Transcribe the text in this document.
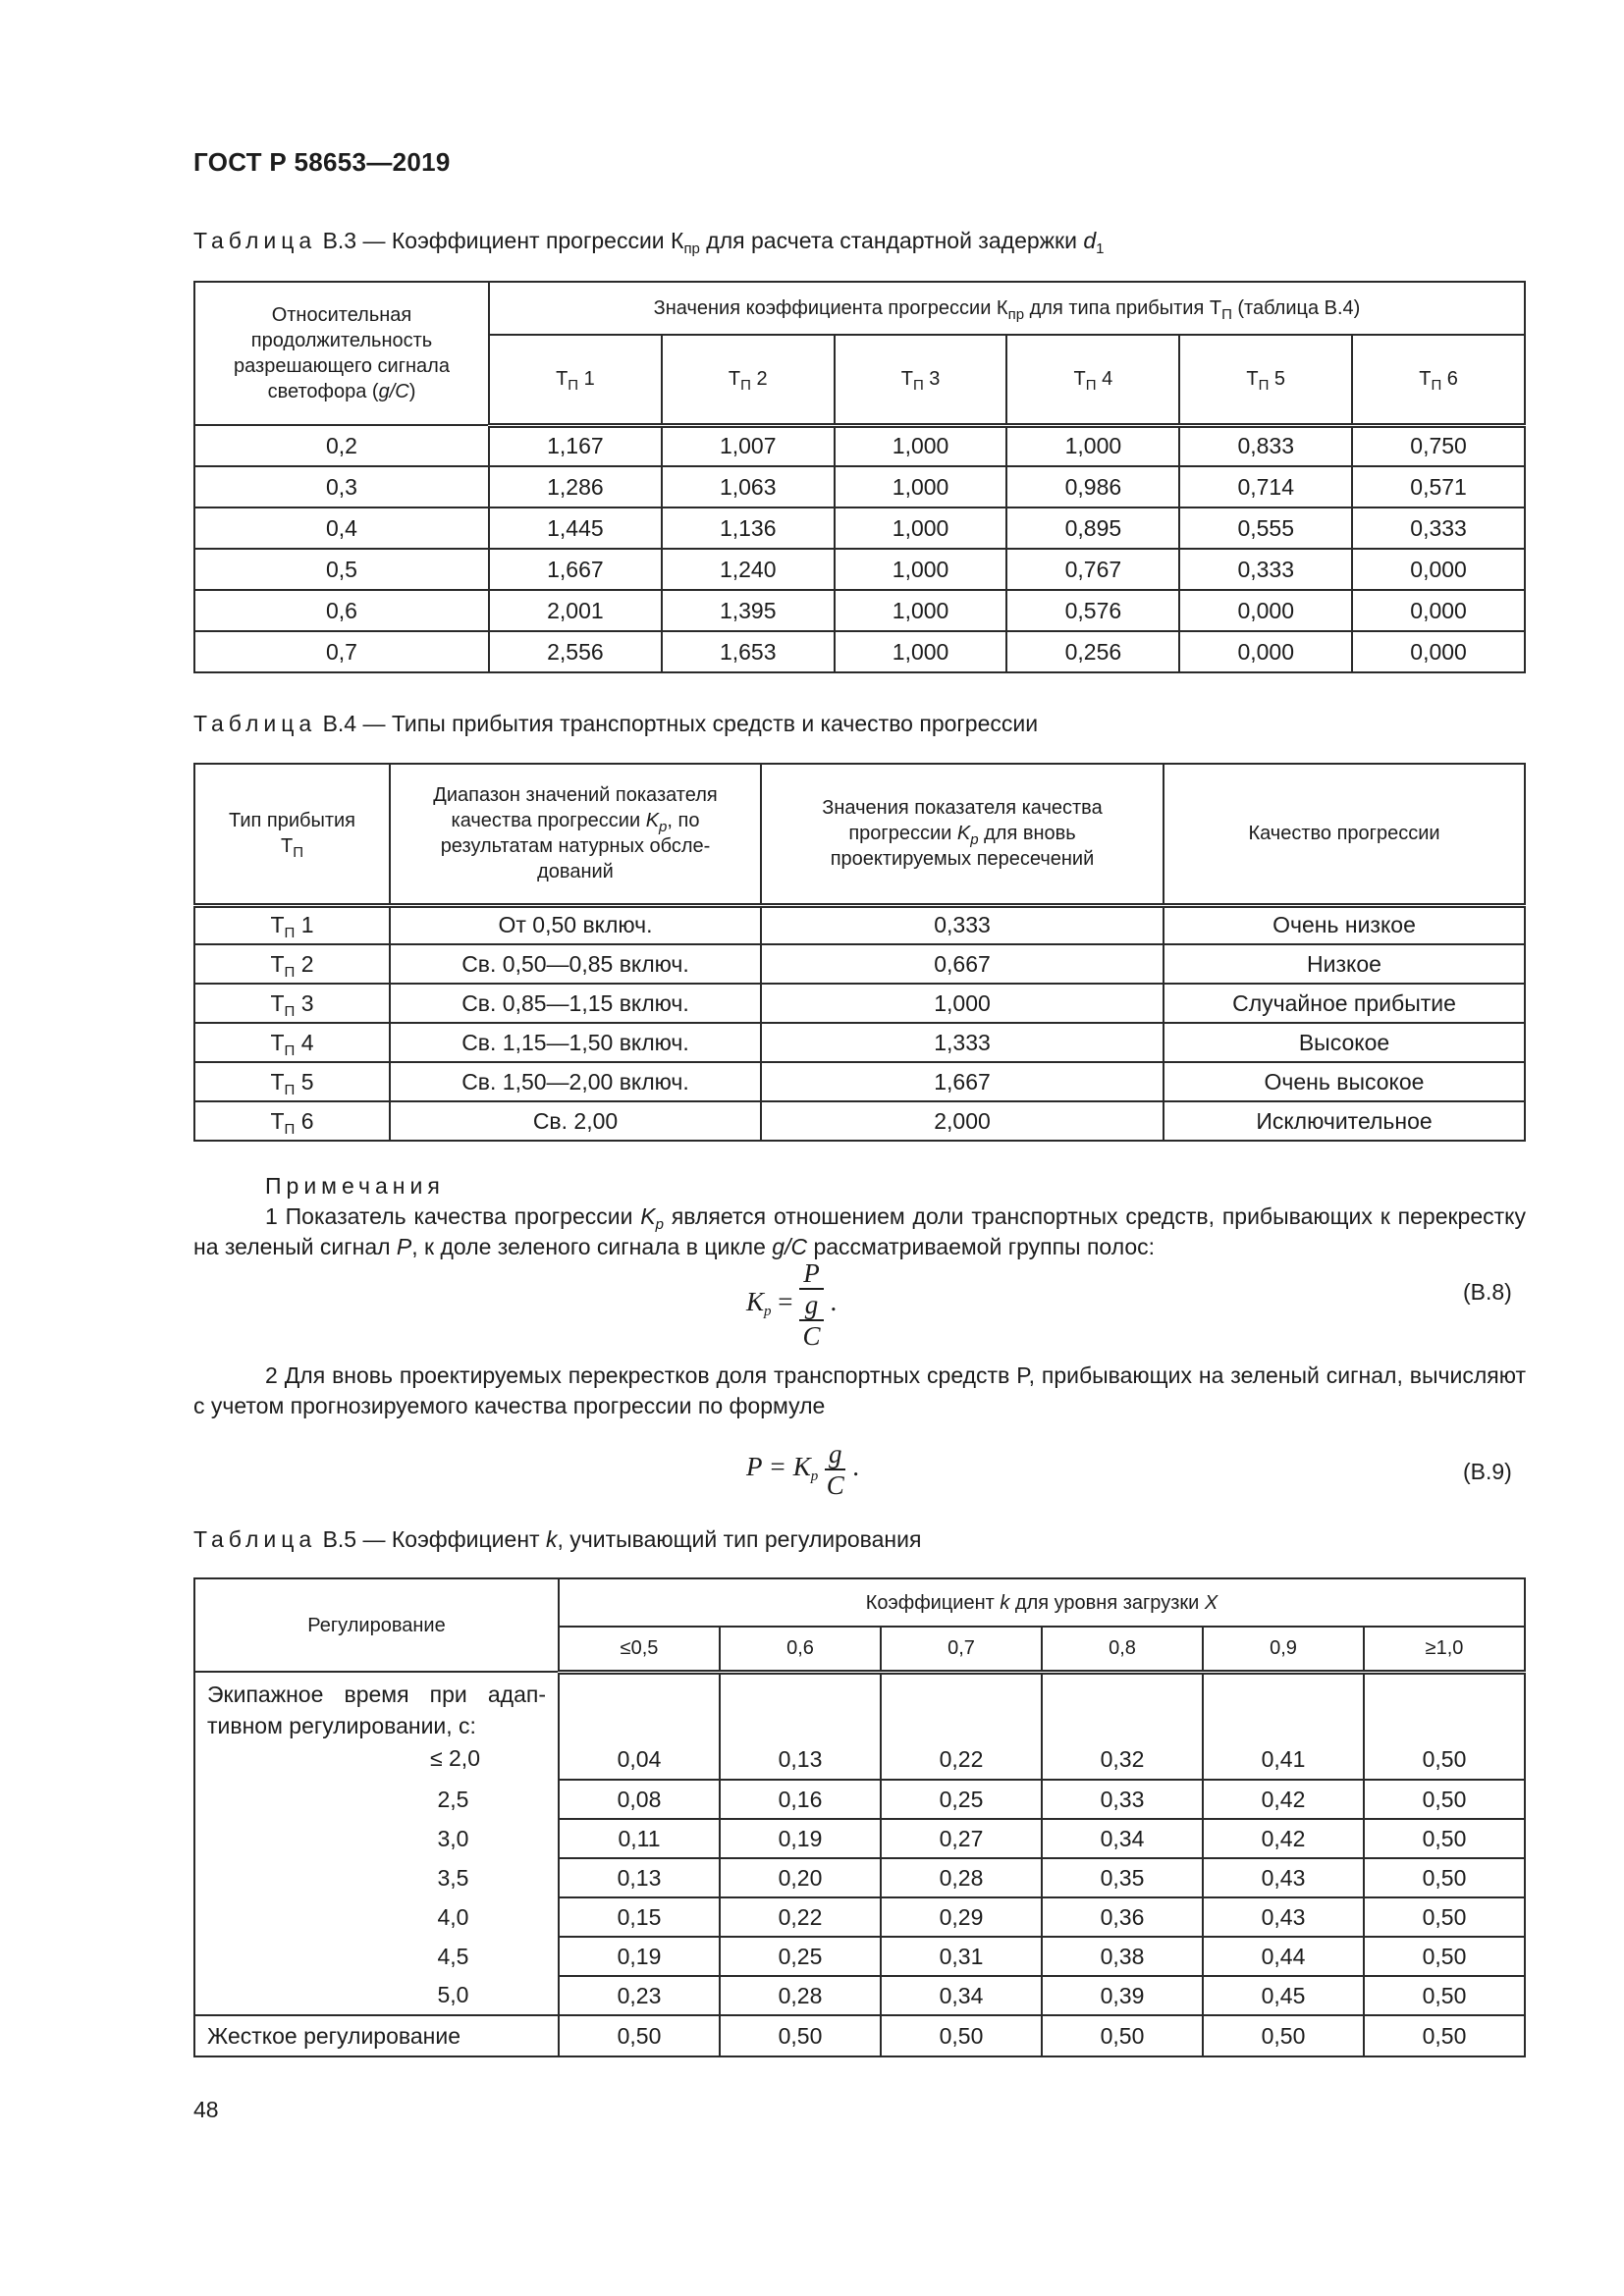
ГОСТ Р 58653—2019
Таблица В.3 — Коэффициент прогрессии $К_{пр}$ для расчета стандартной задержки $d_1$
Относительная
продолжительность
разрешающего сигнала
светофора (g/C)	Значения коэффициента прогрессии $К_{пр}$ для типа прибытия $Т_П$ (таблица В.4)					
	$Т_П$ 1	$Т_П$ 2	$Т_П$ 3	$Т_П$ 4	$Т_П$ 5	$Т_П$ 6
0,2	1,167	1,007	1,000	1,000	0,833	0,750
0,3	1,286	1,063	1,000	0,986	0,714	0,571
0,4	1,445	1,136	1,000	0,895	0,555	0,333
0,5	1,667	1,240	1,000	0,767	0,333	0,000
0,6	2,001	1,395	1,000	0,576	0,000	0,000
0,7	2,556	1,653	1,000	0,256	0,000	0,000
Таблица В.4 — Типы прибытия транспортных средств и качество прогрессии
Тип прибытия
$Т_П$	Диапазон значений показателя
качества прогрессии $K_p$, по
результатам натурных обсле-
дований	Значения показателя качества
прогрессии $K_p$ для вновь
проектируемых пересечений	Качество прогрессии
$Т_П$ 1	От 0,50 включ.	0,333	Очень низкое
$Т_П$ 2	Св. 0,50—0,85 включ.	0,667	Низкое
$Т_П$ 3	Св. 0,85—1,15 включ.	1,000	Случайное прибытие
$Т_П$ 4	Св. 1,15—1,50 включ.	1,333	Высокое
$Т_П$ 5	Св. 1,50—2,00 включ.	1,667	Очень высокое
$Т_П$ 6	Св. 2,00	2,000	Исключительное

Примечания

1 Показатель качества прогрессии $K_p$ является отношением доли транспортных средств, прибывающих к перекрестку на зеленый сигнал P, к доле зеленого сигнала в цикле g/C рассматриваемой группы полос:

$K_p = P$
g
C .	(В.8)

2 Для вновь проектируемых перекрестков доля транспортных средств P, прибывающих на зеленый сигнал, вычисляют с учетом прогнозируемого качества прогрессии по формуле

$P = K_p \frac{g}{C}$ .	(В.9)
Таблица В.5 — Коэффициент k, учитывающий тип регулирования
Регулирование	Коэффициент k для уровня загрузки X					
	≤0,5	0,6	0,7	0,8	0,9	≥1,0

Экипажное время при адап- тивном регулировании, с:
≤ 2,0	0,04	0,13	0,22	0,32	0,41	0,50
2,5	0,08	0,16	0,25	0,33	0,42	0,50
3,0	0,11	0,19	0,27	0,34	0,42	0,50
3,5	0,13	0,20	0,28	0,35	0,43	0,50
4,0	0,15	0,22	0,29	0,36	0,43	0,50
4,5	0,19	0,25	0,31	0,38	0,44	0,50
5,0	0,23	0,28	0,34	0,39	0,45	0,50
Жесткое регулирование	0,50	0,50	0,50	0,50	0,50	0,50
48
